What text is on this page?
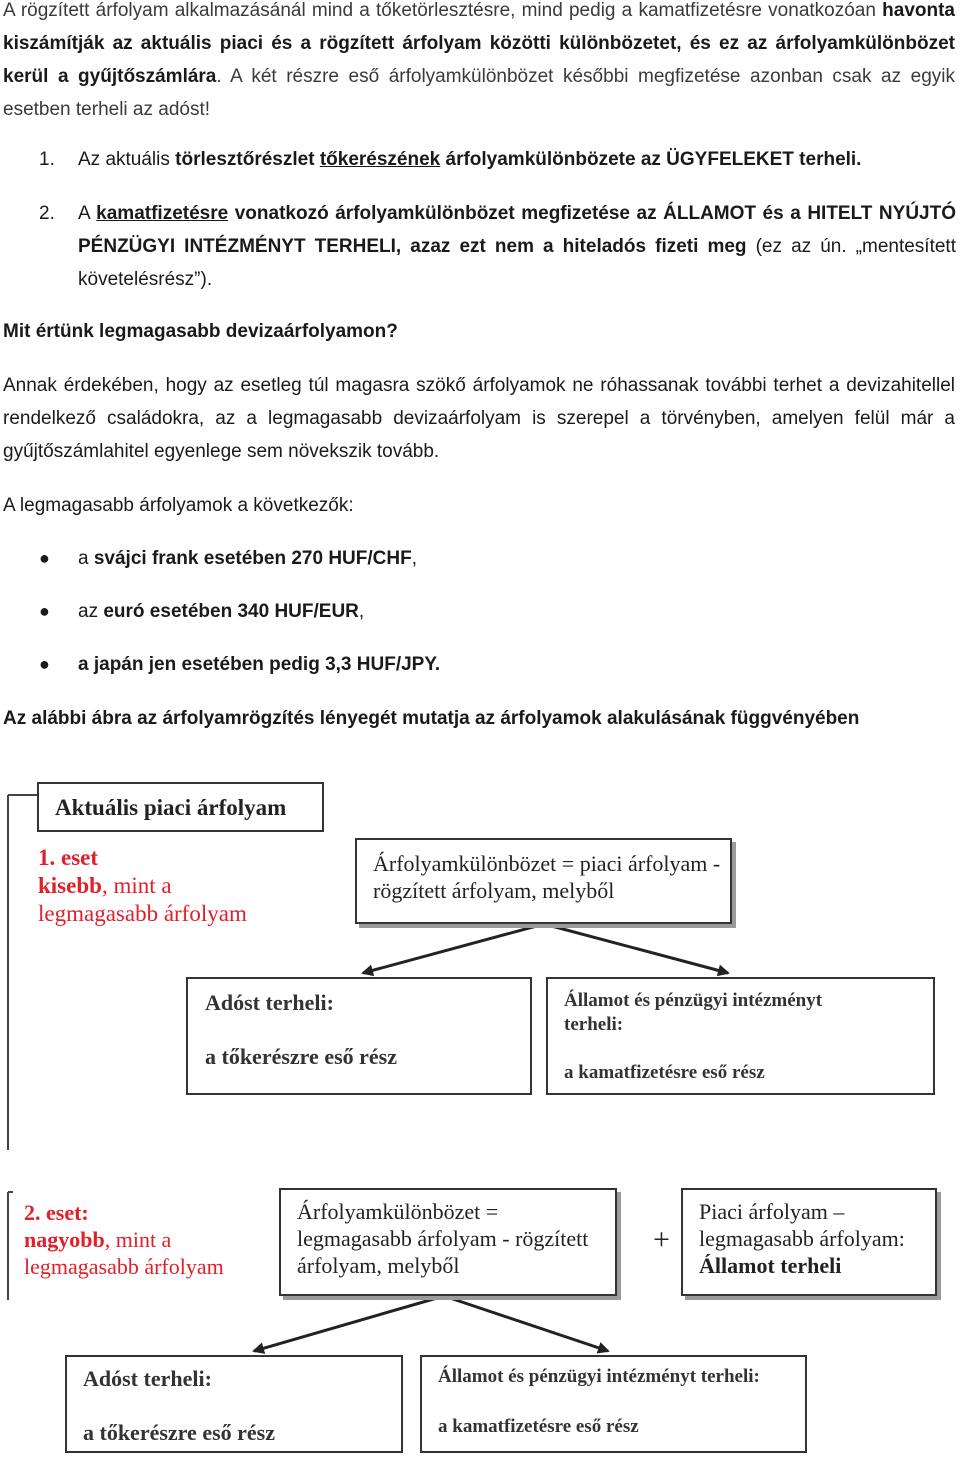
A rögzített árfolyam alkalmazásánál mind a tőketörlesztésre, mind pedig a kamatfizetésre vonatkozóan havonta kiszámítják az aktuális piaci és a rögzített árfolyam közötti különbözetet, és ez az árfolyamkülönbözet kerül a gyűjtőszámlára. A két részre eső árfolyamkülönbözet későbbi megfizetése azonban csak az egyik esetben terheli az adóst!

1.	Az aktuális törlesztőrészlet tőkerészének árfolyamkülönbözete az ÜGYFELEKET terheli.
2.	A kamatfizetésre vonatkozó árfolyamkülönbözet megfizetése az ÁLLAMOT és a HITELT NYÚJTÓ PÉNZÜGYI INTÉZMÉNYT TERHELI, azaz ezt nem a hiteladós fizeti meg (ez az ún. „mentesített követelésrész”).
Mit értünk legmagasabb devizaárfolyamon?

Annak érdekében, hogy az esetleg túl magasra szökő árfolyamok ne róhassanak további terhet a devizahitellel rendelkező családokra, az a legmagasabb devizaárfolyam is szerepel a törvényben, amelyen felül már a gyűjtőszámlahitel egyenlege sem növekszik tovább.

A legmagasabb árfolyamok a következők:
● a svájci frank esetében 270 HUF/CHF,
● az euró esetében 340 HUF/EUR,
● a japán jen esetében pedig 3,3 HUF/JPY.
Az alábbi ábra az árfolyamrögzítés lényegét mutatja az árfolyamok alakulásának függvényében
Aktuális piaci árfolyam
1. eset
kisebb, mint a
legmagasabb árfolyam
Árfolyamkülönbözet = piaci árfolyam -
rögzített árfolyam, melyből
Adóst terheli:
a tőkerészre eső rész
Államot és pénzügyi intézményt
terheli:
a kamatfizetésre eső rész
2. eset:
nagyobb, mint a
legmagasabb árfolyam
Árfolyamkülönbözet =
legmagasabb árfolyam - rögzített
árfolyam, melyből
+
Piaci árfolyam –
legmagasabb árfolyam:
Államot terheli
Adóst terheli:
a tőkerészre eső rész
Államot és pénzügyi intézményt terheli:
a kamatfizetésre eső rész
